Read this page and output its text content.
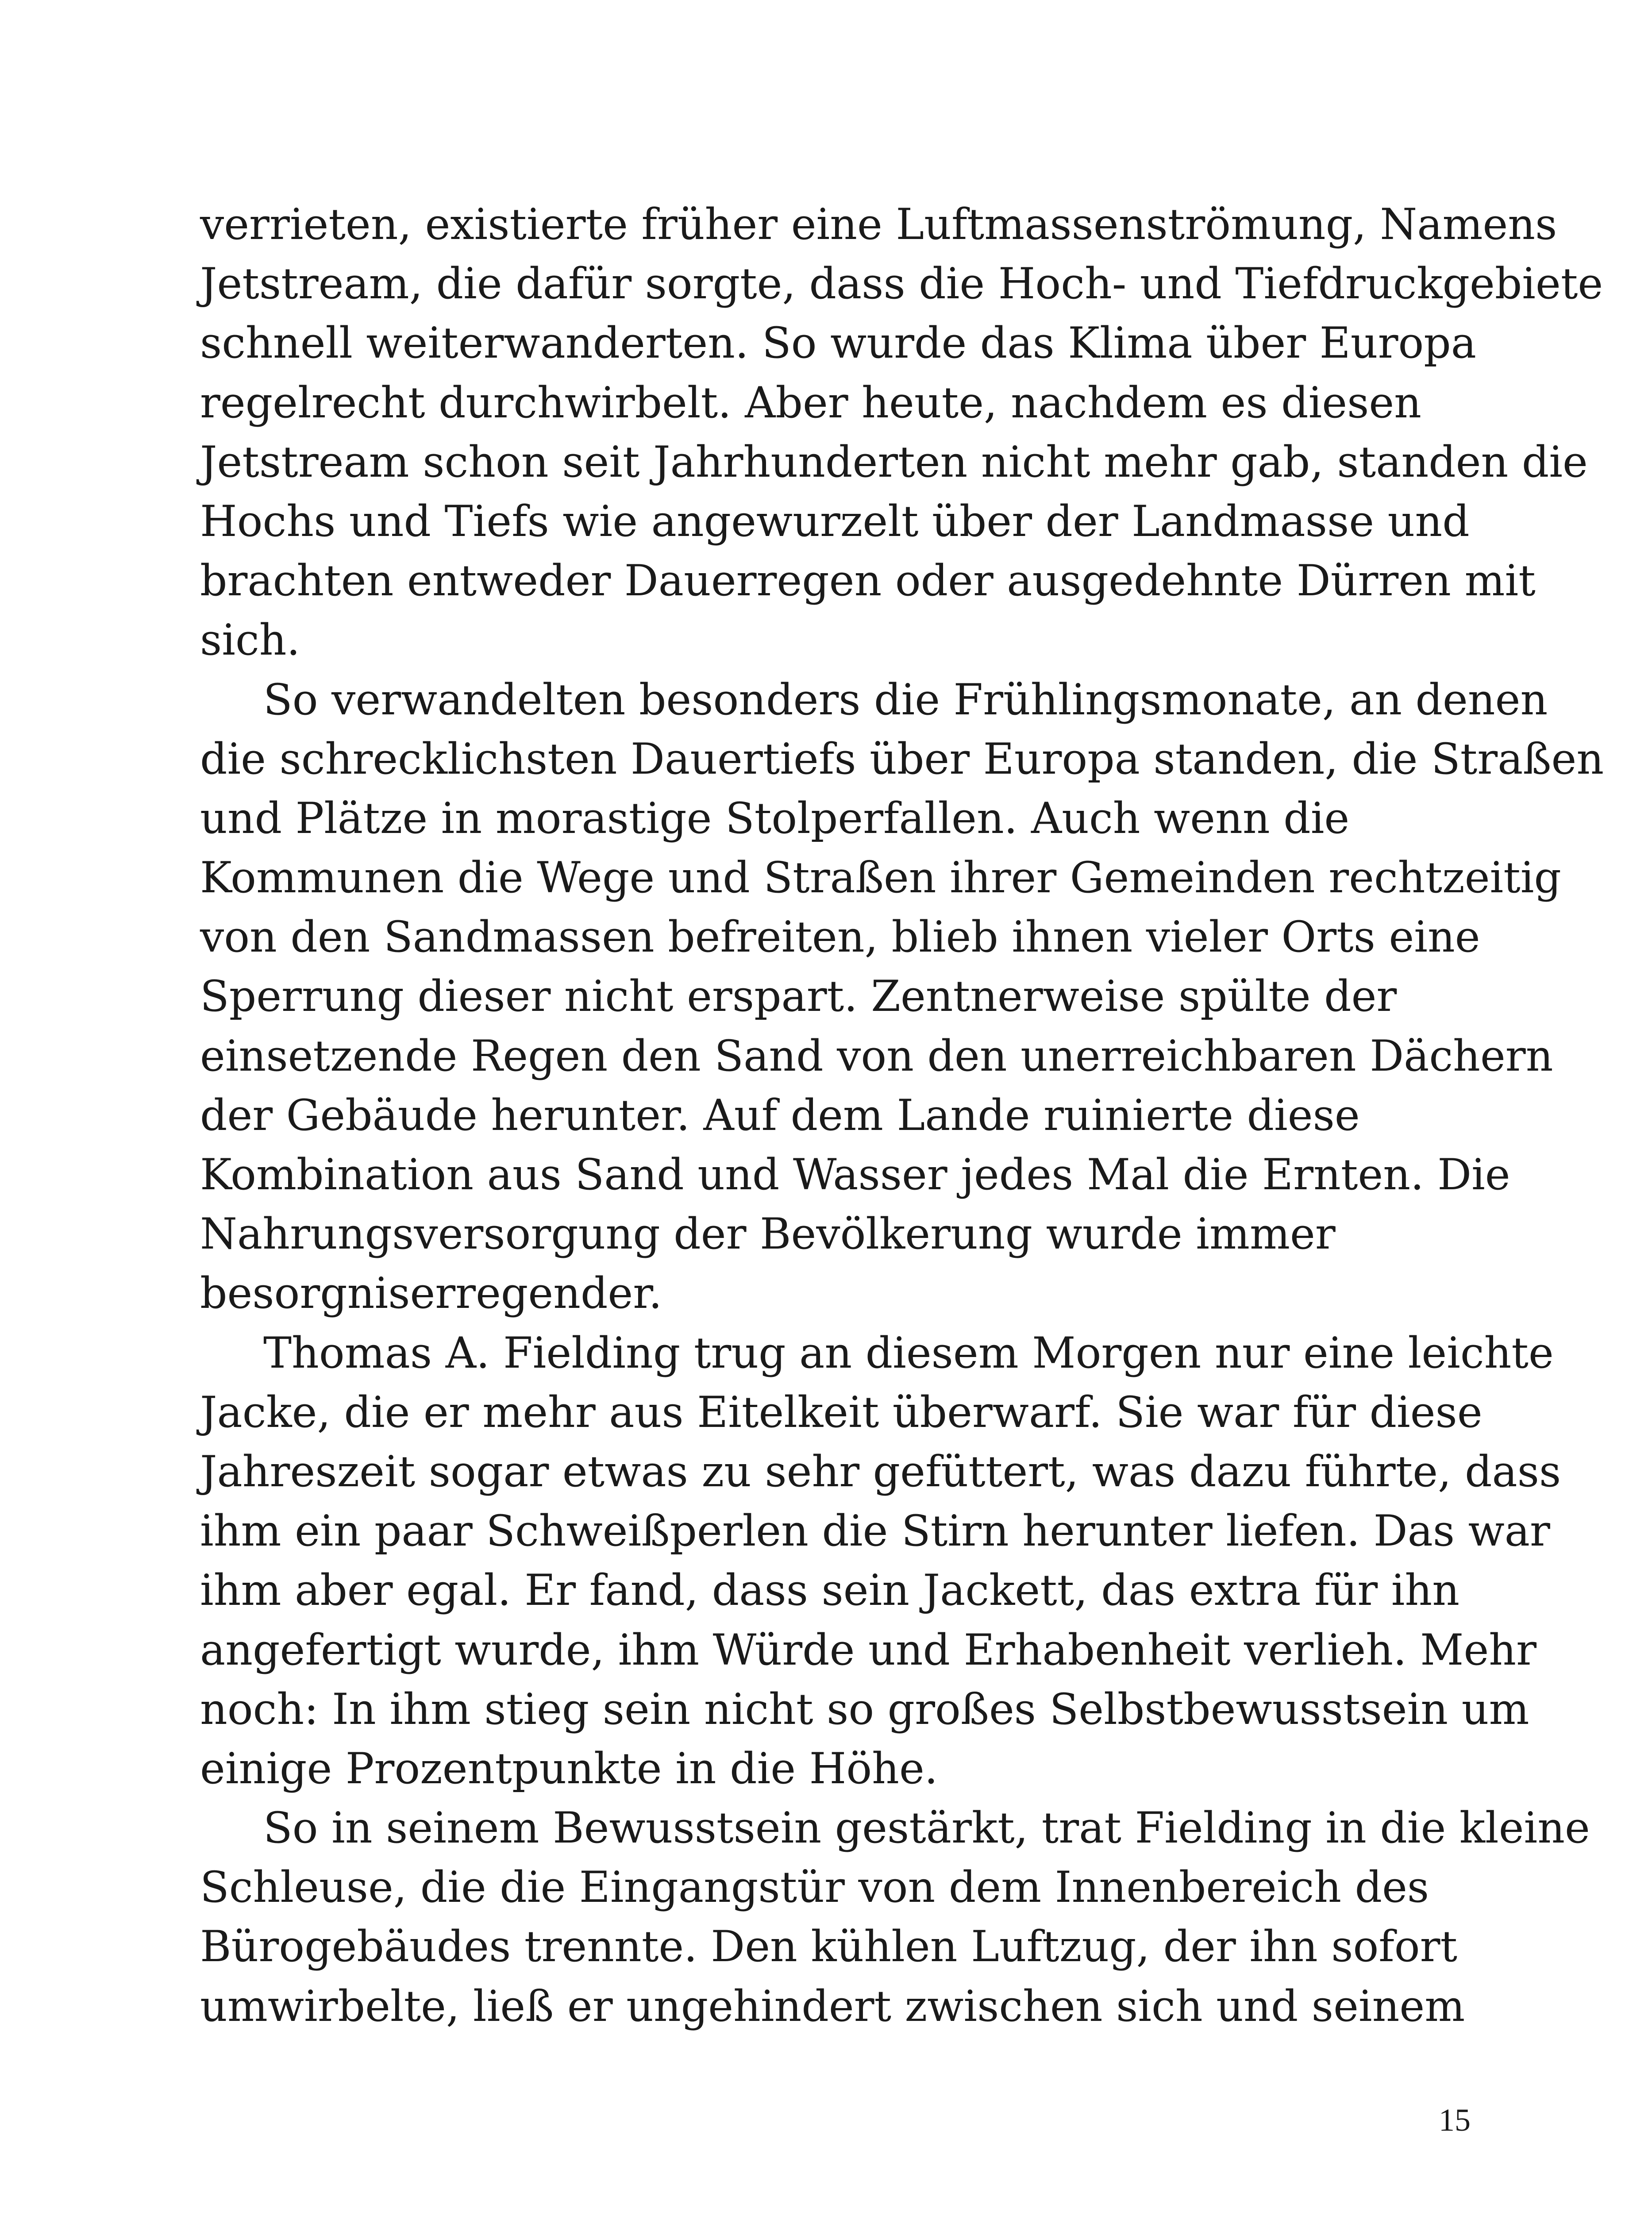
verrieten, existierte früher eine Luftmassenströmung, Namens
Jetstream, die dafür sorgte, dass die Hoch- und Tiefdruckgebiete
schnell weiterwanderten. So wurde das Klima über Europa
regelrecht durchwirbelt. Aber heute, nachdem es diesen
Jetstream schon seit Jahrhunderten nicht mehr gab, standen die
Hochs und Tiefs wie angewurzelt über der Landmasse und
brachten entweder Dauerregen oder ausgedehnte Dürren mit
sich.
So verwandelten besonders die Frühlingsmonate, an denen
die schrecklichsten Dauertiefs über Europa standen, die Straßen
und Plätze in morastige Stolperfallen. Auch wenn die
Kommunen die Wege und Straßen ihrer Gemeinden rechtzeitig
von den Sandmassen befreiten, blieb ihnen vieler Orts eine
Sperrung dieser nicht erspart. Zentnerweise spülte der
einsetzende Regen den Sand von den unerreichbaren Dächern
der Gebäude herunter. Auf dem Lande ruinierte diese
Kombination aus Sand und Wasser jedes Mal die Ernten. Die
Nahrungsversorgung der Bevölkerung wurde immer
besorgniserregender.
Thomas A. Fielding trug an diesem Morgen nur eine leichte
Jacke, die er mehr aus Eitelkeit überwarf. Sie war für diese
Jahreszeit sogar etwas zu sehr gefüttert, was dazu führte, dass
ihm ein paar Schweißperlen die Stirn herunter liefen. Das war
ihm aber egal. Er fand, dass sein Jackett, das extra für ihn
angefertigt wurde, ihm Würde und Erhabenheit verlieh. Mehr
noch: In ihm stieg sein nicht so großes Selbstbewusstsein um
einige Prozentpunkte in die Höhe.
So in seinem Bewusstsein gestärkt, trat Fielding in die kleine
Schleuse, die die Eingangstür von dem Innenbereich des
Bürogebäudes trennte. Den kühlen Luftzug, der ihn sofort
umwirbelte, ließ er ungehindert zwischen sich und seinem
15
